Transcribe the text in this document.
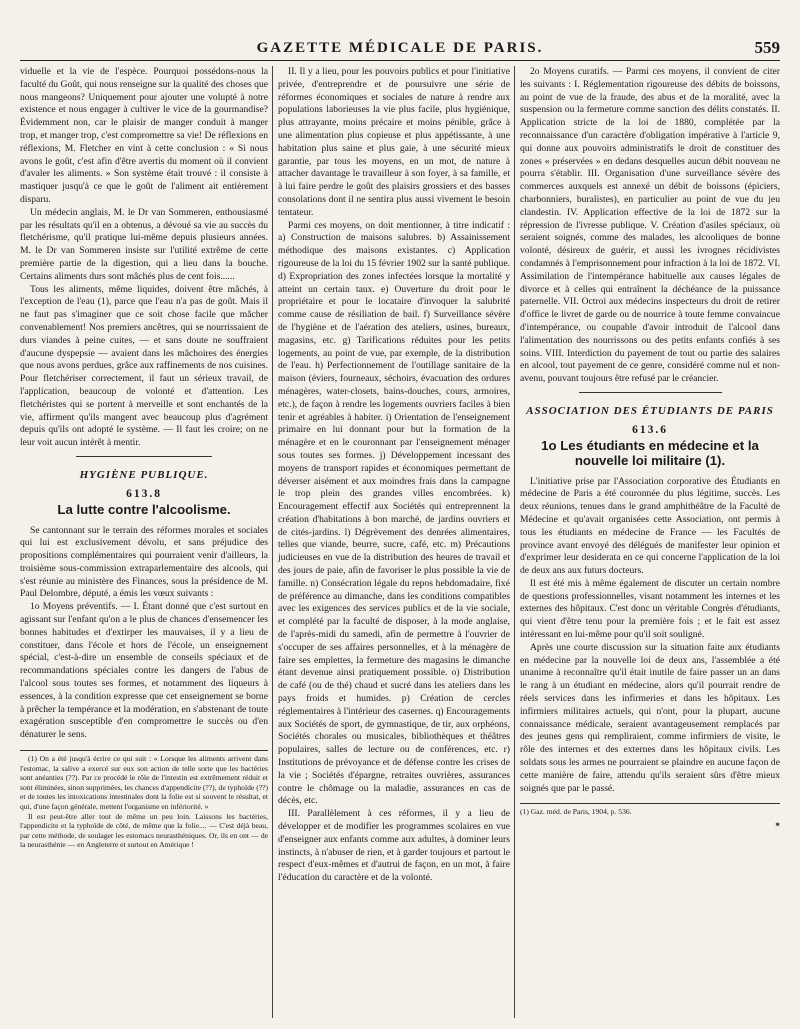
GAZETTE MÉDICALE DE PARIS.	559

viduelle et la vie de l'espèce. Pourquoi possédons-nous la faculté du Goût, qui nous renseigne sur la qualité des choses que nous mangeons? Uniquement pour ajouter une volupté à notre existence et nous engager à cultiver le vice de la gourmandise? Évidemment non, car le plaisir de manger conduit à manger trop, et manger trop, c'est compromettre sa vie! De réflexions en réflexions, M. Fletcher en vint à cette conclusion : « Si nous avons le goût, c'est afin d'être avertis du moment où il convient d'avaler les aliments. » Son système était trouvé : il consiste à mastiquer jusqu'à ce que le goût de l'aliment ait entièrement disparu.

Un médecin anglais, M. le Dr van Sommeren, enthousiasmé par les résultats qu'il en a obtenus, a dévoué sa vie au succès du fletchérisme, qu'il pratique lui-même depuis plusieurs années. M. le Dr van Sommeren insiste sur l'utilité extrême de cette première partie de la digestion, qui a lieu dans la bouche. Certains aliments durs sont mâchés plus de cent fois......

Tous les aliments, même liquides, doivent être mâchés, à l'exception de l'eau (1), parce que l'eau n'a pas de goût. Mais il ne faut pas s'imaginer que ce soit chose facile que mâcher convenablement! Nos premiers ancêtres, qui se nourrissaient de durs viandes à peine cuites, — et sans doute ne souffraient d'aucune dyspepsie — avaient dans les mâchoires des énergies que nous avons perdues, grâce aux raffinements de nos cuisines. Pour fletchériser correctement, il faut un sérieux travail, de l'application, beaucoup de volonté et d'attention. Les fletchéristes qui se portent à merveille et sont enchantés de la vie, affirment qu'ils mangent avec beaucoup plus d'agrément depuis qu'ils ont adopté le système. — Il faut les croire; on ne leur voit aucun intérêt à mentir.

HYGIÈNE PUBLIQUE.
613.8
La lutte contre l'alcoolisme.

Se cantonnant sur le terrain des réformes morales et sociales qui lui est exclusivement dévolu, et sans préjudice des propositions complémentaires qui pourraient venir d'ailleurs, la troisième sous-commission extraparlementaire des alcools, qui s'est réunie au ministère des Finances, sous la présidence de M. Paul Delombre, député, a émis les vœux suivants :

1o Moyens préventifs. — I. Étant donné que c'est surtout en agissant sur l'enfant qu'on a le plus de chances d'ensemencer les bonnes habitudes et d'extirper les mauvaises, il y a lieu de constituer, dans l'école et hors de l'école, un enseignement spécial, c'est-à-dire un ensemble de conseils spéciaux et de recommandations spéciales contre les dangers de l'abus de l'alcool sous toutes ses formes, et notamment des liqueurs à essences, à la condition expresse que cet enseignement se borne à prêcher la tempérance et la modération, en s'abstenant de toute exagération susceptible d'en compromettre le succès ou d'en dénaturer le sens.

(1) On a été jusqu'à écrire ce qui suit : « Lorsque les aliments arrivent dans l'estomac, la salive a exercé sur eux son action de telle sorte que les bactéries sont anéanties (??). Par ce procédé le rôle de l'intestin est extrêmement réduit et sont éliminées, sinon supprimées, les chances d'appendicite (??), de typhoïde (??) et de toutes les intoxications intestinales dont la folie est si souvent le résultat, et qui, d'une façon générale, mettent l'organisme en infériorité. »

Il est peut-être aller tout de même un peu loin. Laissons les bactéries, l'appendicite et la typhoïde de côté, de même que la folie.... — C'est déjà beau, par cette méthode, de soulager les estomacs neurasthéniques. Or, ils en ont — de la neurasthénie — en Angleterre et surtout en Amérique !

II. Il y a lieu, pour les pouvoirs publics et pour l'initiative privée, d'entreprendre et de poursuivre une série de réformes économiques et sociales de nature à rendre aux populations laborieuses la vie plus facile, plus hygiénique, plus attrayante, moins précaire et moins pénible, grâce à une alimentation plus copieuse et plus appétissante, à une habitation plus saine et plus gaie, à une sécurité mieux garantie, par tous les moyens, en un mot, de nature à attacher davantage le travailleur à son foyer, à sa famille, et à lui faire perdre le goût des plaisirs grossiers et des basses consolations dont il ne sentira plus aussi vivement le besoin tentateur.

Parmi ces moyens, on doit mentionner, à titre indicatif : a) Construction de maisons salubres. b) Assainissement méthodique des maisons existantes. c) Application rigoureuse de la loi du 15 février 1902 sur la santé publique. d) Expropriation des zones infectées lorsque la mortalité y atteint un certain taux. e) Ouverture du droit pour le propriétaire et pour le locataire d'invoquer la salubrité comme cause de résiliation de bail. f) Surveillance sévère de l'hygiène et de l'aération des ateliers, usines, bureaux, magasins, etc. g) Tarifications réduites pour les petits logements, au point de vue, par exemple, de la distribution de l'eau. h) Perfectionnement de l'outillage sanitaire de la maison (éviers, fourneaux, séchoirs, évacuation des ordures ménagères, water-closets, bains-douches, cours, armoires, etc.), de façon à rendre les logements ouvriers faciles à bien tenir et agréables à habiter. i) Orientation de l'enseignement primaire en lui donnant pour but la formation de la ménagère et en le couronnant par l'enseignement ménager sous toutes ses formes. j) Développement incessant des moyens de transport rapides et économiques permettant de déverser aisément et aux moindres frais dans la campagne le trop plein des grandes villes encombrées. k) Encouragement effectif aux Sociétés qui entreprennent la création d'habitations à bon marché, de jardins ouvriers et de cités-jardins. l) Dégrèvement des denrées alimentaires, telles que viande, beurre, sucre, café, etc. m) Précautions judicieuses en vue de la distribution des heures de travail et des jours de paie, afin de favoriser le plus possible la vie de famille. n) Consécration légale du repos hebdomadaire, fixé de préférence au dimanche, dans les conditions compatibles avec les exigences des services publics et de la vie sociale, et complété par la faculté de disposer, à la mode anglaise, de l'après-midi du samedi, afin de permettre à l'ouvrier de s'occuper de ses affaires personnelles, et à la ménagère de faire ses emplettes, la fermeture des magasins le dimanche étant devenue ainsi pratiquement possible. o) Distribution de café (ou de thé) chaud et sucré dans les ateliers dans les pays froids et humides. p) Création de cercles réglementaires à l'intérieur des casernes. q) Encouragements aux Sociétés de sport, de gymnastique, de tir, aux orphéons, Sociétés chorales ou musicales, bibliothèques et théâtres populaires, salles de lecture ou de conférences, etc. r) Institutions de prévoyance et de défense contre les crises de la vie ; Sociétés d'épargne, retraites ouvrières, assurances contre le chômage ou la maladie, assurances en cas de décès, etc.

III. Parallèlement à ces réformes, il y a lieu de développer et de modifier les programmes scolaires en vue d'enseigner aux enfants comme aux adultes, à dominer leurs instincts, à n'abuser de rien, et à garder toujours et partout le respect d'eux-mêmes et d'autrui de façon, en un mot, à faire l'éducation du caractère et de la volonté.

2o Moyens curatifs. — Parmi ces moyens, il convient de citer les suivants : I. Réglementation rigoureuse des débits de boissons, au point de vue de la fraude, des abus et de la moralité, avec la suspension ou la fermeture comme sanction des délits constatés. II. Application stricte de la loi de 1880, complétée par la reconnaissance d'un caractère d'obligation impérative à l'article 9, qui donne aux pouvoirs administratifs le droit de constituer des zones « préservées » en dedans desquelles aucun débit nouveau ne pourra s'établir. III. Organisation d'une surveillance sévère des commerces auxquels est annexé un débit de boissons (épiciers, charbonniers, buralistes), en particulier au point de vue du jeu clandestin. IV. Application effective de la loi de 1872 sur la répression de l'ivresse publique. V. Création d'asiles spéciaux, où seraient soignés, comme des malades, les alcooliques de bonne volonté, désireux de guérir, et aussi les ivrognes récidivistes condamnés à l'emprisonnement pour infraction à la loi de 1872. VI. Assimilation de l'intempérance habituelle aux causes légales de divorce et à celles qui entraînent la déchéance de la puissance paternelle. VII. Octroi aux médecins inspecteurs du droit de retirer d'office le livret de garde ou de nourrice à toute femme convaincue d'intempérance, ou coupable d'avoir introduit de l'alcool dans l'alimentation des nourrissons ou des petits enfants confiés à ses soins. VIII. Interdiction du payement de tout ou partie des salaires en alcool, tout payement de ce genre, considéré comme nul et non-avenu, pouvant toujours être refusé par le créancier.

ASSOCIATION DES ÉTUDIANTS DE PARIS
613.6
1o Les étudiants en médecine et la nouvelle loi militaire (1).

L'initiative prise par l'Association corporative des Étudiants en médecine de Paris a été couronnée du plus légitime, succès. Les deux réunions, tenues dans le grand amphithéâtre de la Faculté de Médecine et qu'avait organisées cette Association, ont permis à tous les étudiants en médecine de France — les Facultés de province avant envoyé des délégués de manifester leur opinion et d'exprimer leur desiderata en ce qui concerne l'application de la loi de deux ans aux futurs docteurs.

Il est été mis à même également de discuter un certain nombre de questions professionnelles, visant notamment les internes et les externes des hôpitaux. C'est donc un véritable Congrès d'étudiants, qui vient d'être tenu pour la première fois ; et le fait est assez intéressant en lui-même pour qu'il soit souligné.

Après une courte discussion sur la situation faite aux étudiants en médecine par la nouvelle loi de deux ans, l'assemblée a été unanime à reconnaître qu'il était inutile de faire passer un an dans le rang à un étudiant en médecine, alors qu'il pourrait rendre de réels services dans les infirmeries et dans les hôpitaux. Les infirmiers militaires actuels, qui n'ont, pour la plupart, aucune connaissance médicale, seraient avantageusement remplacés par des jeunes gens qui rempliraient, comme infirmiers de visite, le rôle des internes et des externes dans les hôpitaux civils. Les soldats sous les armes ne pourraient se plaindre en aucune façon de cette manière de faire, attendu qu'ils seraient sûrs d'être mieux soignés que par le passé.

(1) Gaz. méd. de Paris, 1904, p. 536.
*
